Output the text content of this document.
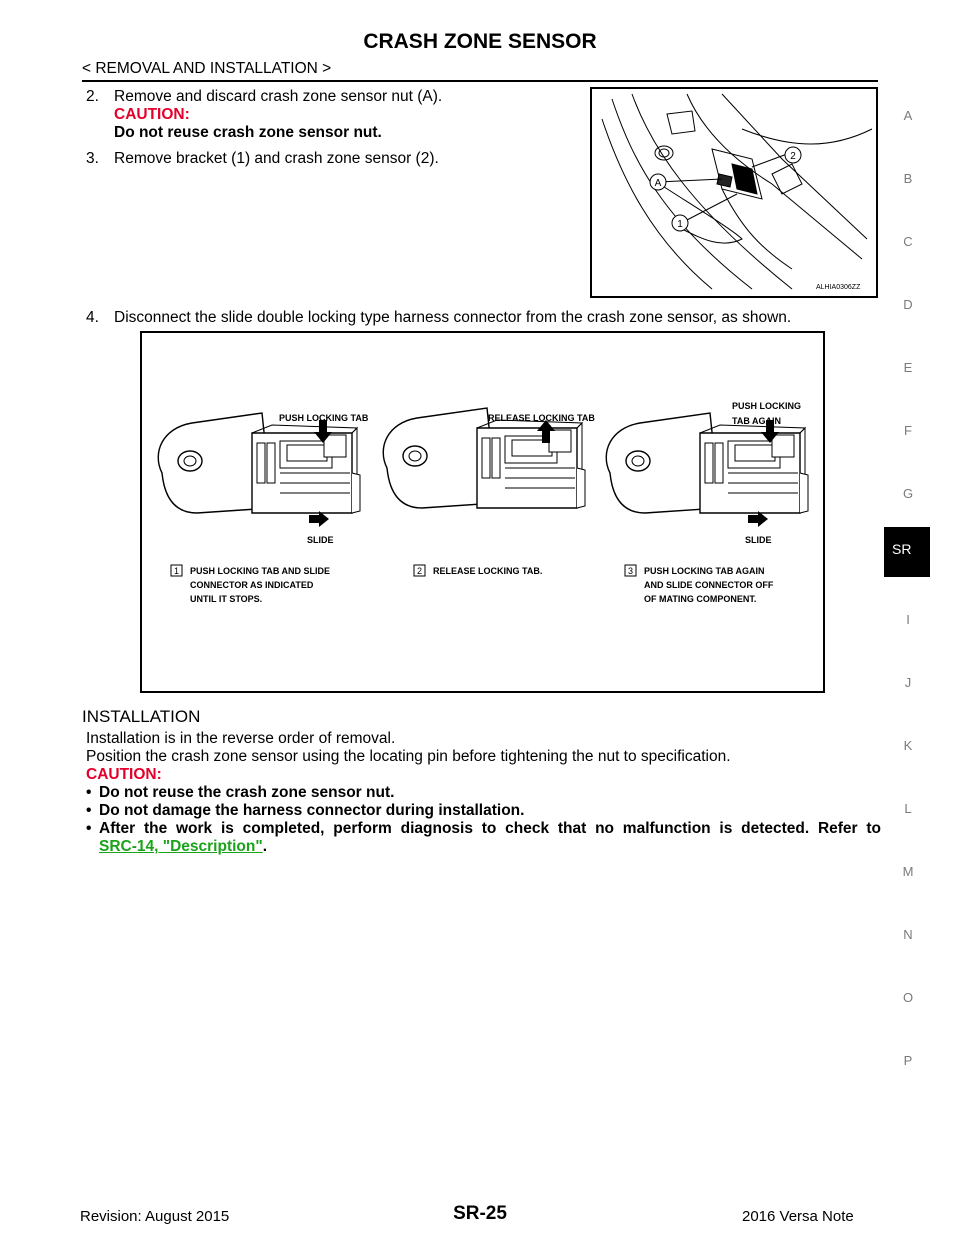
CRASH ZONE SENSOR
< REMOVAL AND INSTALLATION >
A
B
C
D
E
F
G
I
J
K
L
M
N
O
P
SR
2. Remove and discard crash zone sensor nut (A).
CAUTION:
Do not reuse crash zone sensor nut.
3. Remove bracket (1) and crash zone sensor (2).
A
1
2
ALHIA0306ZZ
4. Disconnect the slide double locking type harness connector from the crash zone sensor, as shown.
PUSH LOCKING TAB	RELEASE LOCKING TAB
PUSH LOCKING
TAB AGAIN
SLIDE	SLIDE
1 PUSH LOCKING TAB AND SLIDE
CONNECTOR AS INDICATED
UNTIL IT STOPS.
2 RELEASE LOCKING TAB.	3 PUSH LOCKING TAB AGAIN
AND SLIDE CONNECTOR OFF
OF MATING COMPONENT.
INSTALLATION
Installation is in the reverse order of removal.
Position the crash zone sensor using the locating pin before tightening the nut to specification.
CAUTION:
• Do not reuse the crash zone sensor nut.
• Do not damage the harness connector during installation.
• After the work is completed, perform diagnosis to check that no malfunction is detected. Refer to
SRC-14, "Description".
Revision: August 2015	SR-25	2016 Versa Note
